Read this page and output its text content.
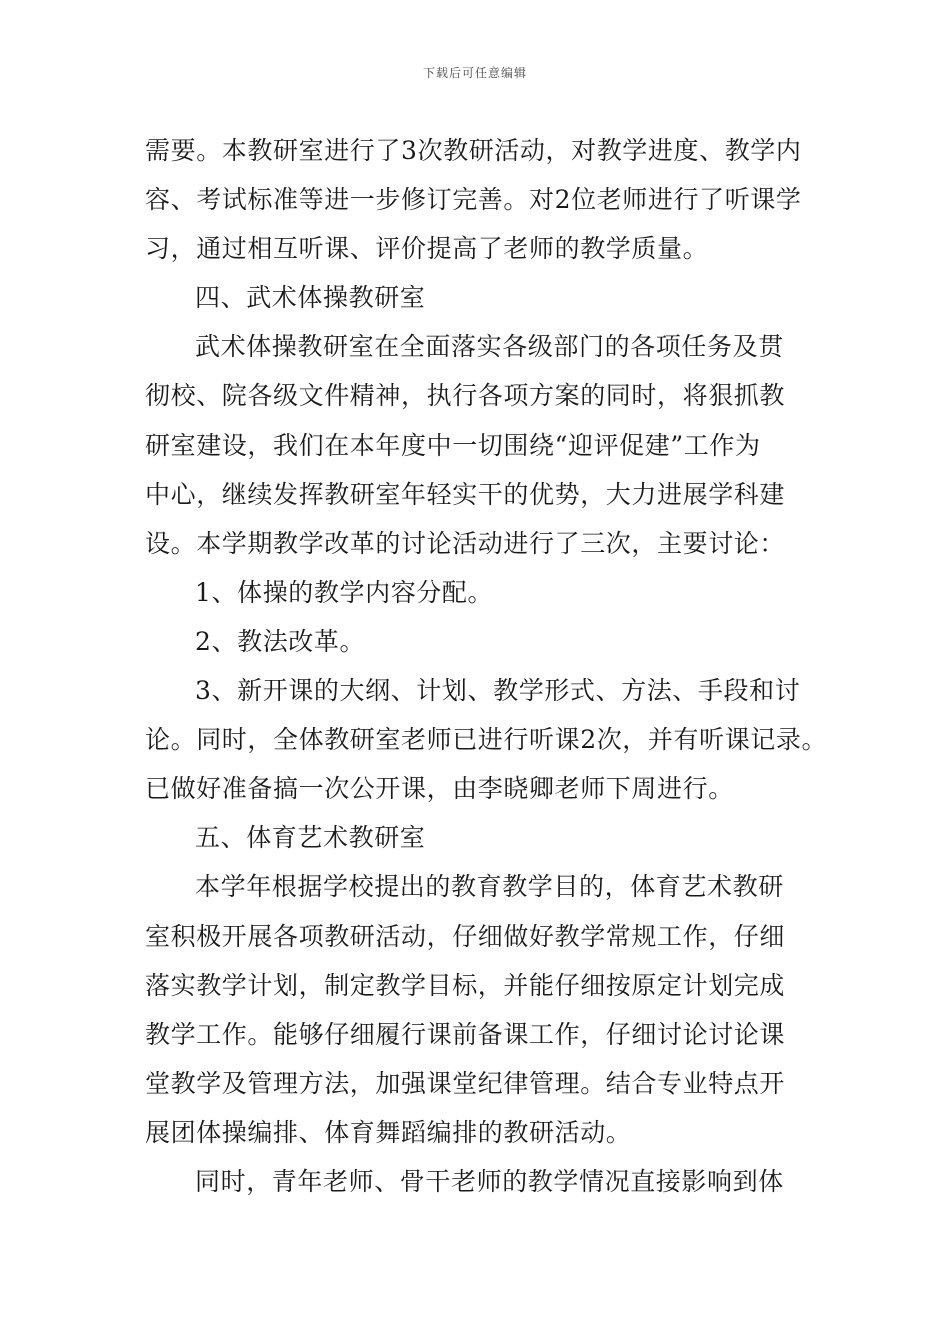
下载后可任意编辑
需要。本教研室进行了3次教研活动，对教学进度、教学内
容、考试标准等进一步修订完善。对2位老师进行了听课学
习，通过相互听课、评价提高了老师的教学质量。
四、武术体操教研室
武术体操教研室在全面落实各级部门的各项任务及贯
彻校、院各级文件精神，执行各项方案的同时，将狠抓教
研室建设，我们在本年度中一切围绕“迎评促建”工作为
中心，继续发挥教研室年轻实干的优势，大力进展学科建
设。本学期教学改革的讨论活动进行了三次，主要讨论：
1、体操的教学内容分配。
2、教法改革。
3、新开课的大纲、计划、教学形式、方法、手段和讨
论。同时，全体教研室老师已进行听课2次，并有听课记录。
已做好准备搞一次公开课，由李晓卿老师下周进行。
五、体育艺术教研室
本学年根据学校提出的教育教学目的，体育艺术教研
室积极开展各项教研活动，仔细做好教学常规工作，仔细
落实教学计划，制定教学目标，并能仔细按原定计划完成
教学工作。能够仔细履行课前备课工作，仔细讨论讨论课
堂教学及管理方法，加强课堂纪律管理。结合专业特点开
展团体操编排、体育舞蹈编排的教研活动。
同时，青年老师、骨干老师的教学情况直接影响到体
